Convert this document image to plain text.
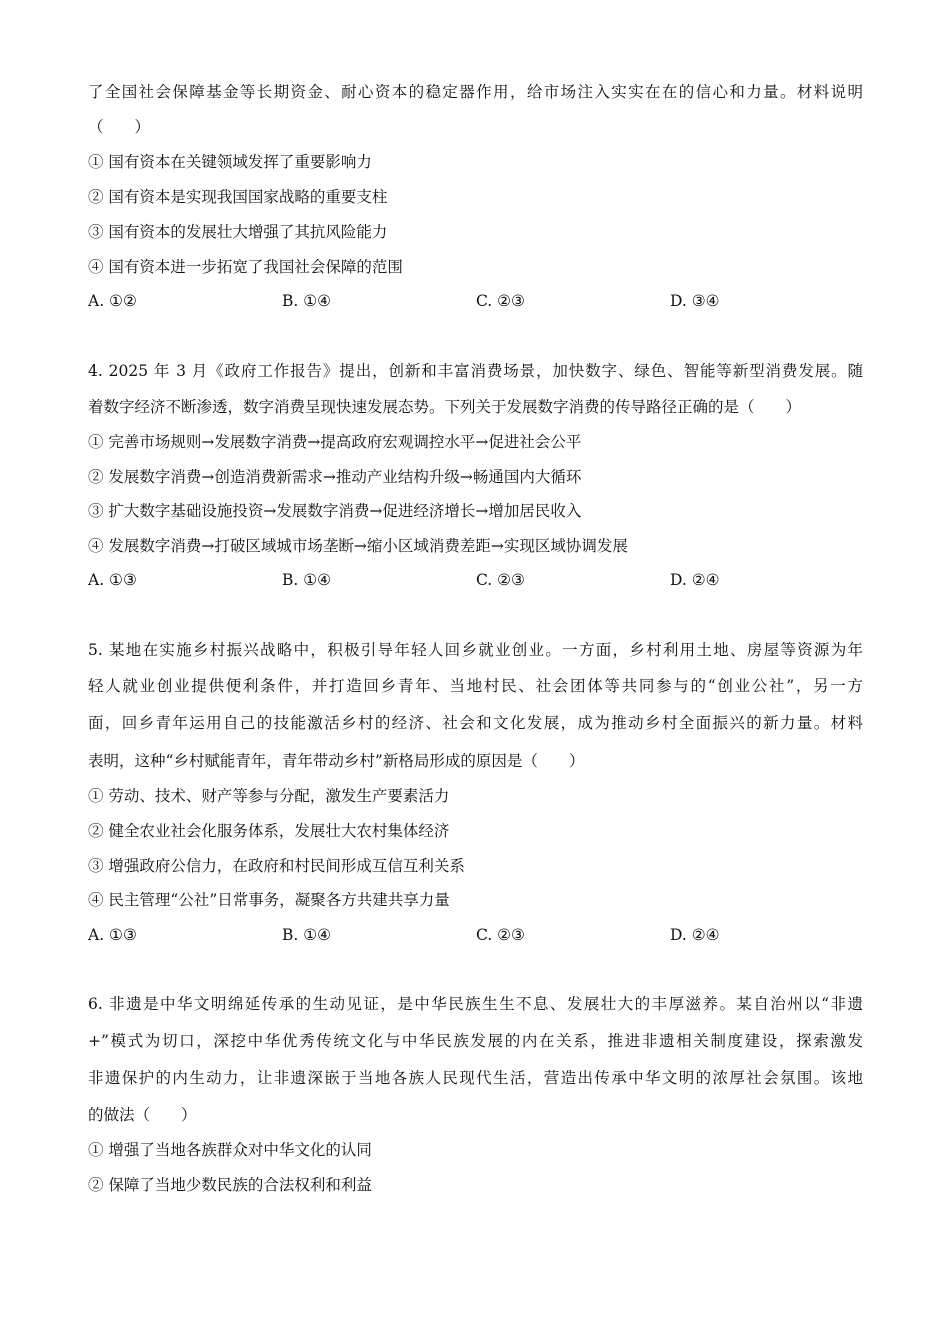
了全国社会保障基金等长期资金、耐心资本的稳定器作用，给市场注入实实在在的信心和力量。材料说明
（　　）
① 国有资本在关键领域发挥了重要影响力
② 国有资本是实现我国国家战略的重要支柱
③ 国有资本的发展壮大增强了其抗风险能力
④ 国有资本进一步拓宽了我国社会保障的范围
A. ①②	B. ①④	C. ②③	D. ③④
4. 2025 年 3 月《政府工作报告》提出，创新和丰富消费场景，加快数字、绿色、智能等新型消费发展。随
着数字经济不断渗透，数字消费呈现快速发展态势。下列关于发展数字消费的传导路径正确的是（　　）
① 完善市场规则→发展数字消费→提高政府宏观调控水平→促进社会公平
② 发展数字消费→创造消费新需求→推动产业结构升级→畅通国内大循环
③ 扩大数字基础设施投资→发展数字消费→促进经济增长→增加居民收入
④ 发展数字消费→打破区域城市场垄断→缩小区域消费差距→实现区域协调发展
A. ①③	B. ①④	C. ②③	D. ②④
5. 某地在实施乡村振兴战略中，积极引导年轻人回乡就业创业。一方面，乡村利用土地、房屋等资源为年
轻人就业创业提供便利条件，并打造回乡青年、当地村民、社会团体等共同参与的“创业公社”，另一方
面，回乡青年运用自己的技能激活乡村的经济、社会和文化发展，成为推动乡村全面振兴的新力量。材料
表明，这种“乡村赋能青年，青年带动乡村”新格局形成的原因是（　　）
① 劳动、技术、财产等参与分配，激发生产要素活力
② 健全农业社会化服务体系，发展壮大农村集体经济
③ 增强政府公信力，在政府和村民间形成互信互利关系
④ 民主管理“公社”日常事务，凝聚各方共建共享力量
A. ①③	B. ①④	C. ②③	D. ②④
6. 非遗是中华文明绵延传承的生动见证，是中华民族生生不息、发展壮大的丰厚滋养。某自治州以“非遗
+”模式为切口，深挖中华优秀传统文化与中华民族发展的内在关系，推进非遗相关制度建设，探索激发
非遗保护的内生动力，让非遗深嵌于当地各族人民现代生活，营造出传承中华文明的浓厚社会氛围。该地
的做法（　　）
① 增强了当地各族群众对中华文化的认同
② 保障了当地少数民族的合法权利和利益
